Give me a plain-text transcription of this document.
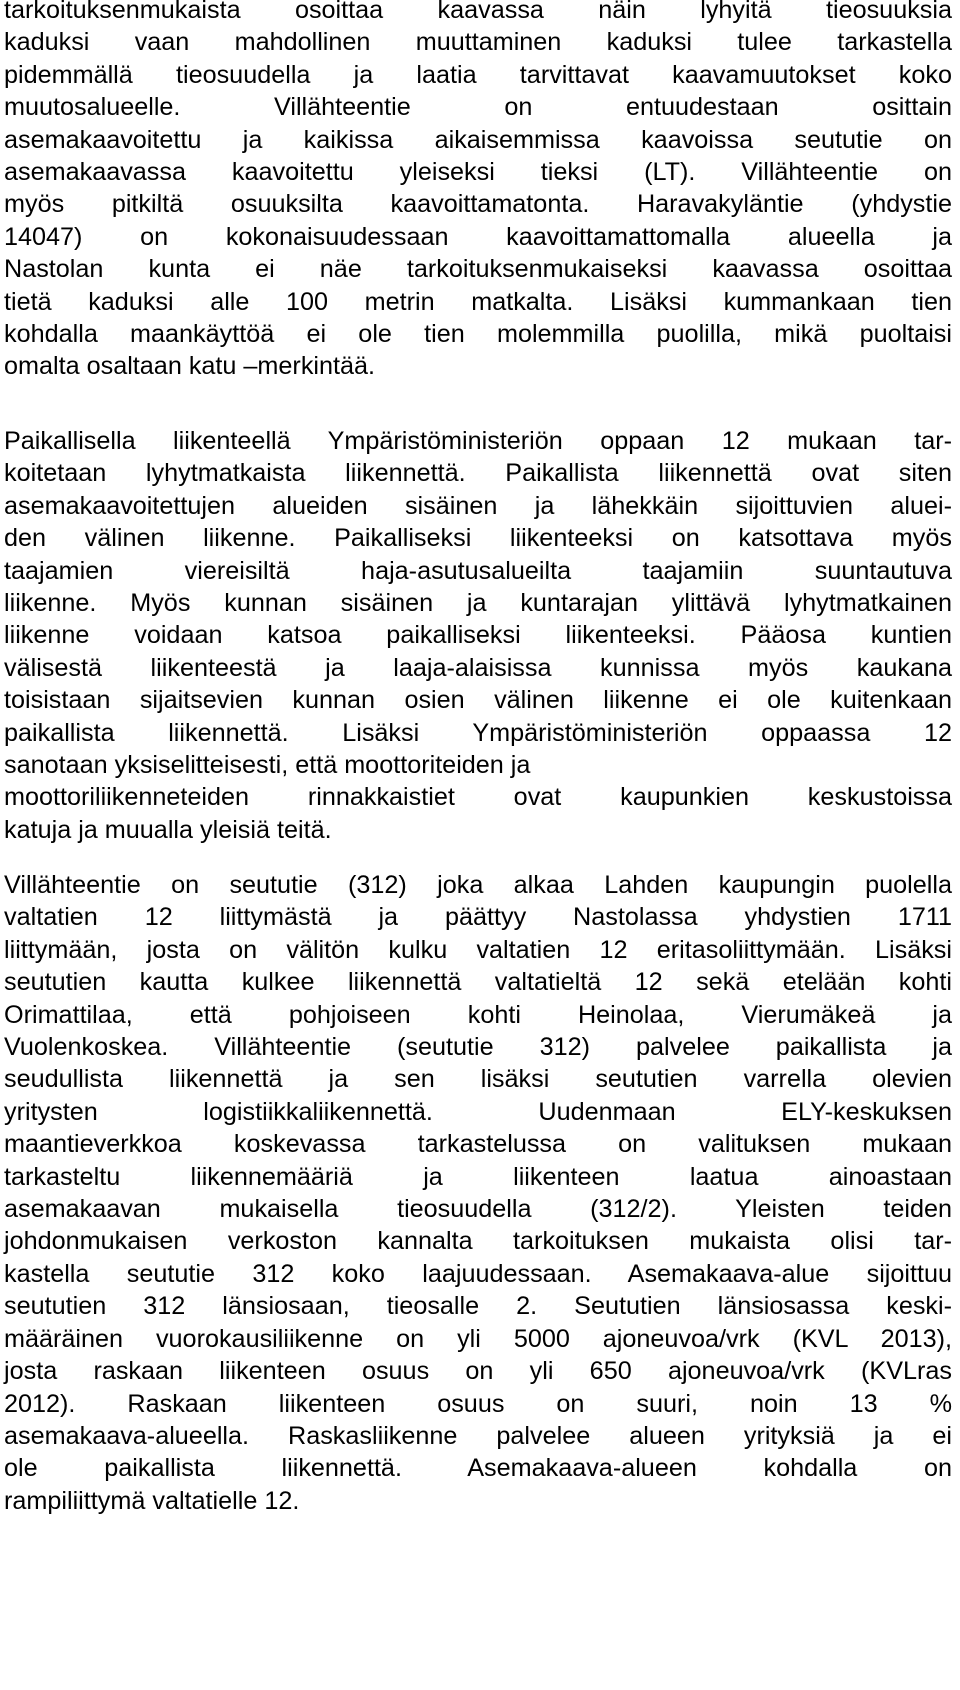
tarkoituksenmukaista osoittaa kaavassa näin lyhyitä tieosuuksia
kaduksi vaan mahdollinen muuttaminen kaduksi tulee tarkastella
pidemmällä tieosuudella ja laatia tarvittavat kaavamuutokset koko
muutosalueelle. Villähteentie on entuudestaan osittain
asemakaavoitettu ja kaikissa aikaisemmissa kaavoissa seututie on
asemakaavassa kaavoitettu yleiseksi tieksi (LT). Villähteentie on
myös pitkiltä osuuksilta kaavoittamatonta. Haravakyläntie (yhdystie
14047) on kokonaisuudessaan kaavoittamattomalla alueella ja
Nastolan kunta ei näe tarkoituksenmukaiseksi kaavassa osoittaa
tietä kaduksi alle 100 metrin matkalta. Lisäksi kummankaan tien
kohdalla maankäyttöä ei ole tien molemmilla puolilla, mikä puoltaisi
omalta osaltaan katu –merkintää.
Paikallisella liikenteellä Ympäristöministeriön oppaan 12 mukaan tar-
koitetaan lyhytmatkaista liikennettä. Paikallista liikennettä ovat siten
asemakaavoitettujen alueiden sisäinen ja lähekkäin sijoittuvien aluei-
den välinen liikenne. Paikalliseksi liikenteeksi on katsottava myös
taajamien viereisiltä haja-asutusalueilta taajamiin suuntautuva
liikenne. Myös kunnan sisäinen ja kuntarajan ylittävä lyhytmatkainen
liikenne voidaan katsoa paikalliseksi liikenteeksi. Pääosa kuntien
välisestä liikenteestä ja laaja-alaisissa kunnissa myös kaukana
toisistaan sijaitsevien kunnan osien välinen liikenne ei ole kuitenkaan
paikallista liikennettä. Lisäksi Ympäristöministeriön oppaassa 12
sanotaan yksiselitteisesti, että moottoriteiden ja
moottoriliikenneteiden rinnakkaistiet ovat kaupunkien keskustoissa
katuja ja muualla yleisiä teitä.
Villähteentie on seututie (312) joka alkaa Lahden kaupungin puolella
valtatien 12 liittymästä ja päättyy Nastolassa yhdystien 1711
liittymään, josta on välitön kulku valtatien 12 eritasoliittymään. Lisäksi
seututien kautta kulkee liikennettä valtatieltä 12 sekä etelään kohti
Orimattilaa, että pohjoiseen kohti Heinolaa, Vierumäkeä ja
Vuolenkoskea. Villähteentie (seututie 312) palvelee paikallista ja
seudullista liikennettä ja sen lisäksi seututien varrella olevien
yritysten logistiikkaliikennettä. Uudenmaan ELY-keskuksen
maantieverkkoa koskevassa tarkastelussa on valituksen mukaan
tarkasteltu liikennemääriä ja liikenteen laatua ainoastaan
asemakaavan mukaisella tieosuudella (312/2). Yleisten teiden
johdonmukaisen verkoston kannalta tarkoituksen mukaista olisi tar-
kastella seututie 312 koko laajuudessaan. Asemakaava-alue sijoittuu
seututien 312 länsiosaan, tieosalle 2. Seututien länsiosassa keski-
määräinen vuorokausiliikenne on yli 5000 ajoneuvoa/vrk (KVL 2013),
josta raskaan liikenteen osuus on yli 650 ajoneuvoa/vrk (KVLras
2012). Raskaan liikenteen osuus on suuri, noin 13 %
asemakaava-alueella. Raskasliikenne palvelee alueen yrityksiä ja ei
ole paikallista liikennettä. Asemakaava-alueen kohdalla on
rampiliittymä valtatielle 12.
